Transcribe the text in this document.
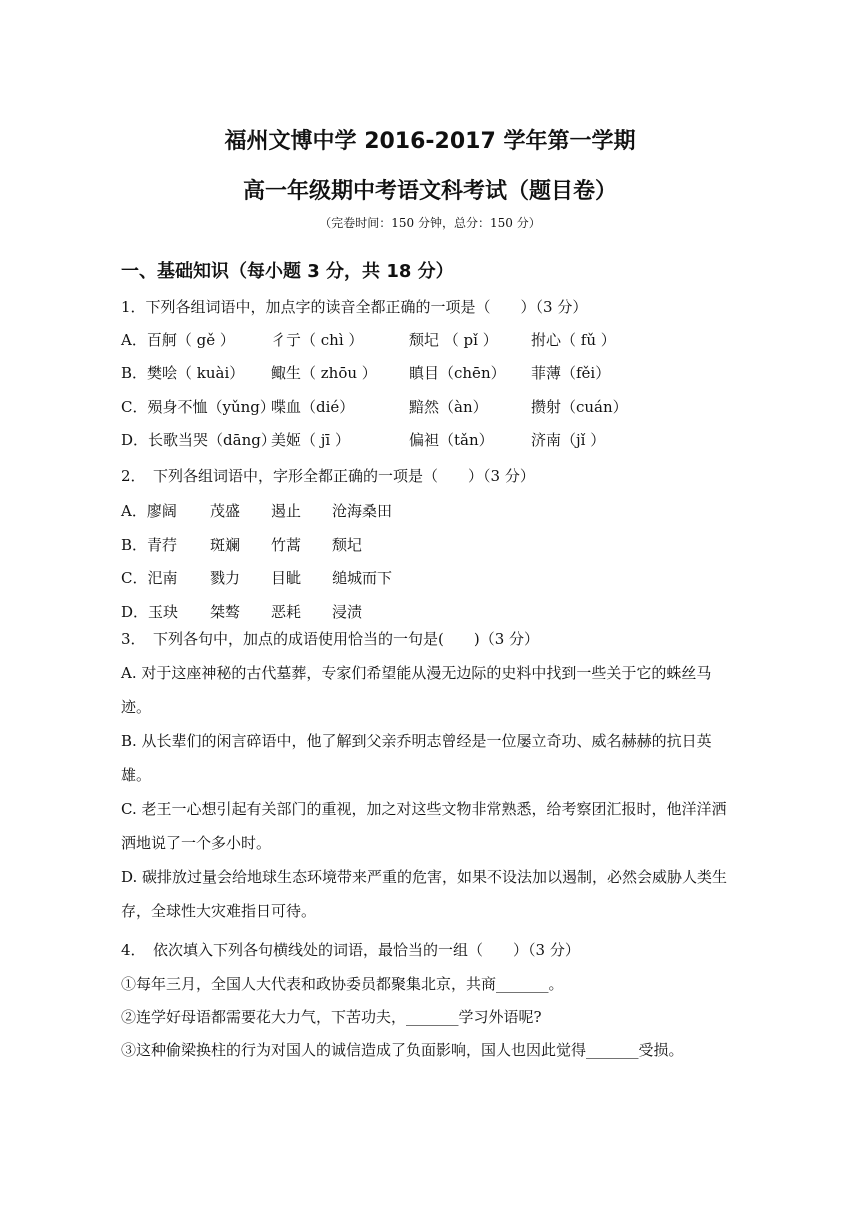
福州文博中学 2016-2017 学年第一学期
高一年级期中考语文科考试（题目卷）
（完卷时间：150 分钟，总分：150 分）
一、基础知识（每小题 3 分，共 18 分）
1．下列各组词语中，加点字的读音全都正确的一项是（　　）（3 分）
A．百舸（ gě ） 彳亍（ chì ）	颓圮 （ pǐ ） 拊心（ fǔ ）
B．樊哙（ kuài） 鲰生（ zhōu ） 瞋目（chēn） 菲薄（fěi）
C．殒身不恤（yǔng）喋血（dié）	黯然（àn）	攒射（cuán）
D．长歌当哭（dāng）美姬（ jī ）	偏袒（tǎn） 济南（jǐ ）
2．　下列各组词语中，字形全都正确的一项是（　　）（3 分）
A．廖阔 茂盛 遏止 沧海桑田
B．青荇 斑斓 竹蒿 颓圮
C．汜南 戮力 目眦 缒城而下
D．玉玦 桀骜 恶耗 浸渍
3．　下列各句中，加点的成语使用恰当的一句是(　　)（3 分）
A. 对于这座神秘的古代墓葬，专家们希望能从漫无边际的史料中找到一些关于它的蛛丝马迹。
B. 从长辈们的闲言碎语中，他了解到父亲乔明志曾经是一位屡立奇功、威名赫赫的抗日英雄。
C. 老王一心想引起有关部门的重视，加之对这些文物非常熟悉，给考察团汇报时，他洋洋洒洒地说了一个多小时。
D. 碳排放过量会给地球生态环境带来严重的危害，如果不设法加以遏制，必然会威胁人类生存，全球性大灾难指日可待。
4．　依次填入下列各句横线处的词语，最恰当的一组（　　）（3 分）
①每年三月，全国人大代表和政协委员都聚集北京，共商_______。
②连学好母语都需要花大力气，下苦功夫，_______学习外语呢?
③这种偷梁换柱的行为对国人的诚信造成了负面影响，国人也因此觉得_______受损。
